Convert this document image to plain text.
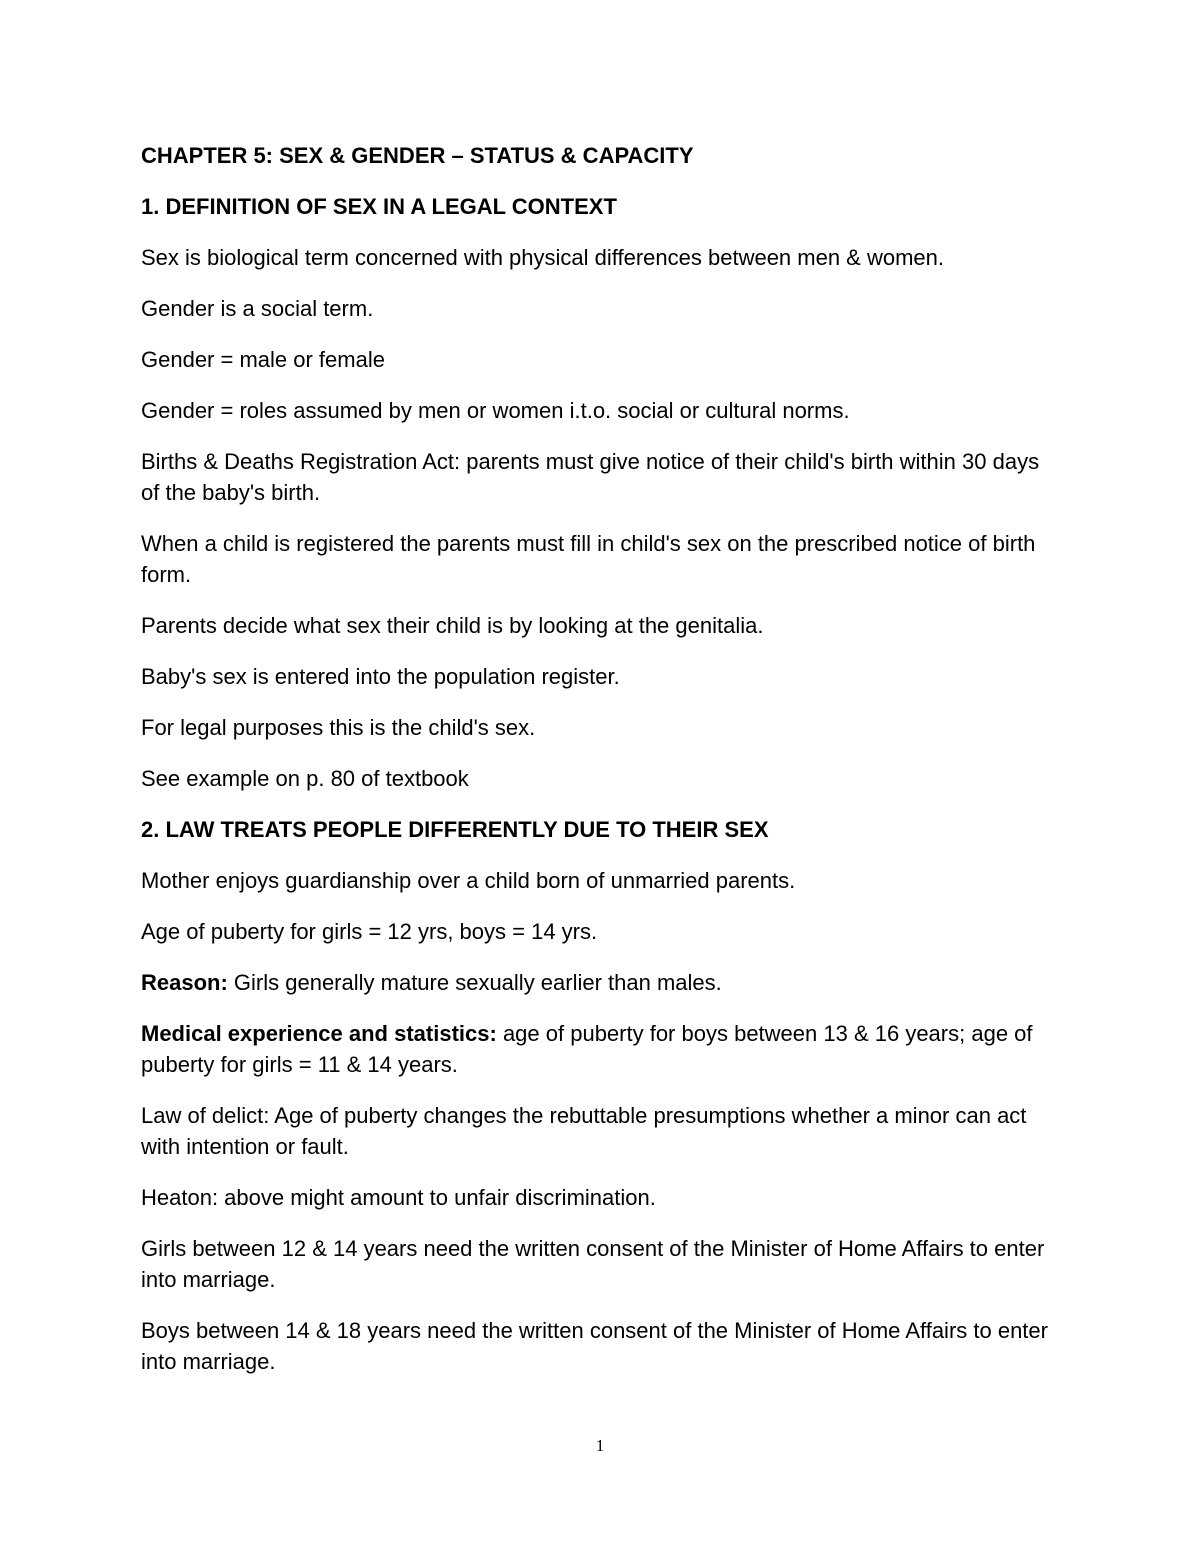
CHAPTER 5: SEX & GENDER – STATUS & CAPACITY
1. DEFINITION OF SEX IN A LEGAL CONTEXT
Sex is biological term concerned with physical differences between men & women.
Gender is a social term.
Gender = male or female
Gender = roles assumed by men or women i.t.o. social or cultural norms.
Births & Deaths Registration Act: parents must give notice of their child's birth within 30 days of the baby's birth.
When a child is registered the parents must fill in child's sex on the prescribed notice of birth form.
Parents decide what sex their child is by looking at the genitalia.
Baby's sex is entered into the population register.
For legal purposes this is the child's sex.
See example on p. 80 of textbook
2. LAW TREATS PEOPLE DIFFERENTLY DUE TO THEIR SEX
Mother enjoys guardianship over a child born of unmarried parents.
Age of puberty for girls = 12 yrs, boys = 14 yrs.
Reason: Girls generally mature sexually earlier than males.
Medical experience and statistics: age of puberty for boys between 13 & 16 years; age of puberty for girls = 11 & 14 years.
Law of delict: Age of puberty changes the rebuttable presumptions whether a minor can act with intention or fault.
Heaton: above might amount to unfair discrimination.
Girls between 12 & 14 years need the written consent of the Minister of Home Affairs to enter into marriage.
Boys between 14 & 18 years need the written consent of the Minister of Home Affairs to enter into marriage.
1
